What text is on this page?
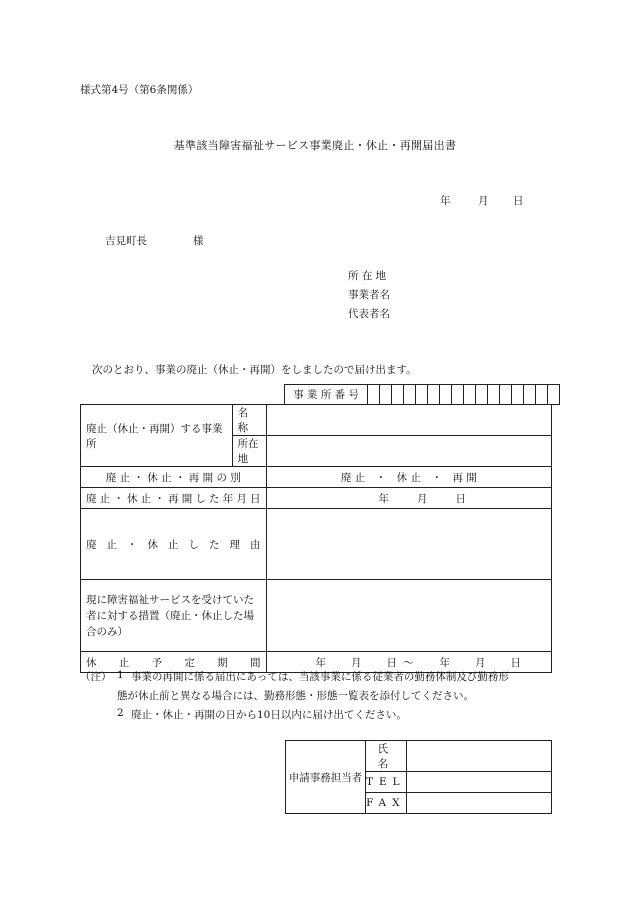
様式第4号（第6条関係）
基準該当障害福祉サービス事業廃止・休止・再開届出書
年	月 日
吉見町長	様
所 在 地
事業者名
代表者名
次のとおり、事業の廃止（休止・再開）をしましたので届け出ます。
事 業 所 番 号																
廃止（休止・再開）する事業所	名　称	
	所在地	
廃 止 ・ 休 止 ・ 再 開 の 別		廃 止　・　休 止　・　再 開
廃止・休止・再開した年月日		年 月 日
廃 止 ・ 休 止 し た 理 由		
現に障害福祉サービスを受けていた者に対する措置（廃止・休止した場合のみ）		
休 止 予 定 期 間		年 月 日 ～ 年 月 日
（注） 1 事業の再開に係る届出にあっては、当該事業に係る従業者の勤務体制及び勤務形
態が休止前と異なる場合には、勤務形態・形態一覧表を添付してください。
2 廃止・休止・再開の日から10日以内に届け出てください。
申請事務担当者	氏 名	
	TEL	
	FAX	
